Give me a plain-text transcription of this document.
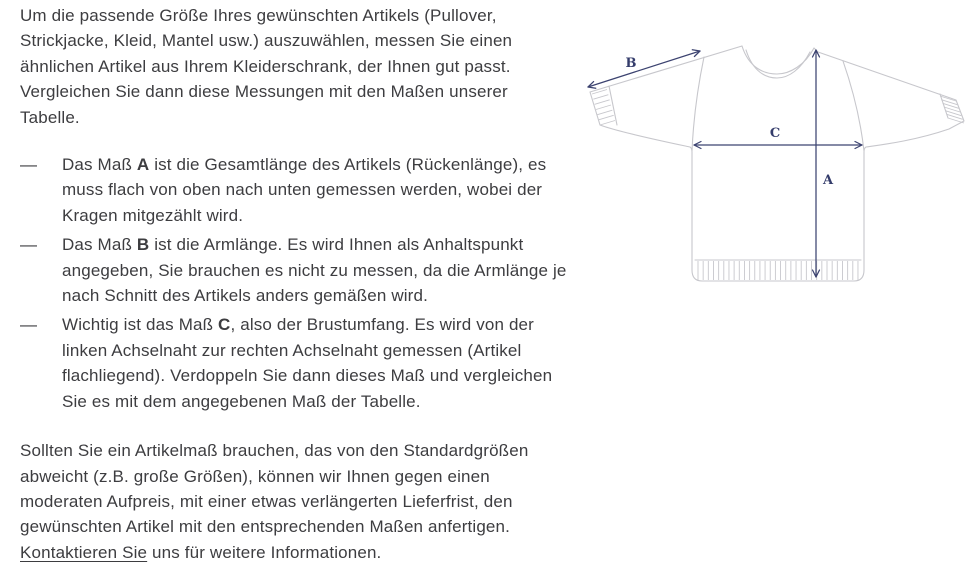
Um die passende Größe Ihres gewünschten Artikels (Pullover, Strickjacke, Kleid, Mantel usw.) auszuwählen, messen Sie einen ähnlichen Artikel aus Ihrem Kleiderschrank, der Ihnen gut passt. Vergleichen Sie dann diese Messungen mit den Maßen unserer Tabelle.

—	Das Maß A ist die Gesamtlänge des Artikels (Rückenlänge), es muss flach von oben nach unten gemessen werden, wobei der Kragen mitgezählt wird.

—	Das Maß B ist die Armlänge. Es wird Ihnen als Anhaltspunkt angegeben, Sie brauchen es nicht zu messen, da die Armlänge je nach Schnitt des Artikels anders gemäßen wird.

—	Wichtig ist das Maß C, also der Brustumfang. Es wird von der linken Achselnaht zur rechten Achselnaht gemessen (Artikel flachliegend). Verdoppeln Sie dann dieses Maß und vergleichen Sie es mit dem angegebenen Maß der Tabelle.

Sollten Sie ein Artikelmaß brauchen, das von den Standardgrößen abweicht (z.B. große Größen), können wir Ihnen gegen einen moderaten Aufpreis, mit einer etwas verlängerten Lieferfrist, den gewünschten Artikel mit den entsprechenden Maßen anfertigen. Kontaktieren Sie uns für weitere Informationen.

B
C
A
